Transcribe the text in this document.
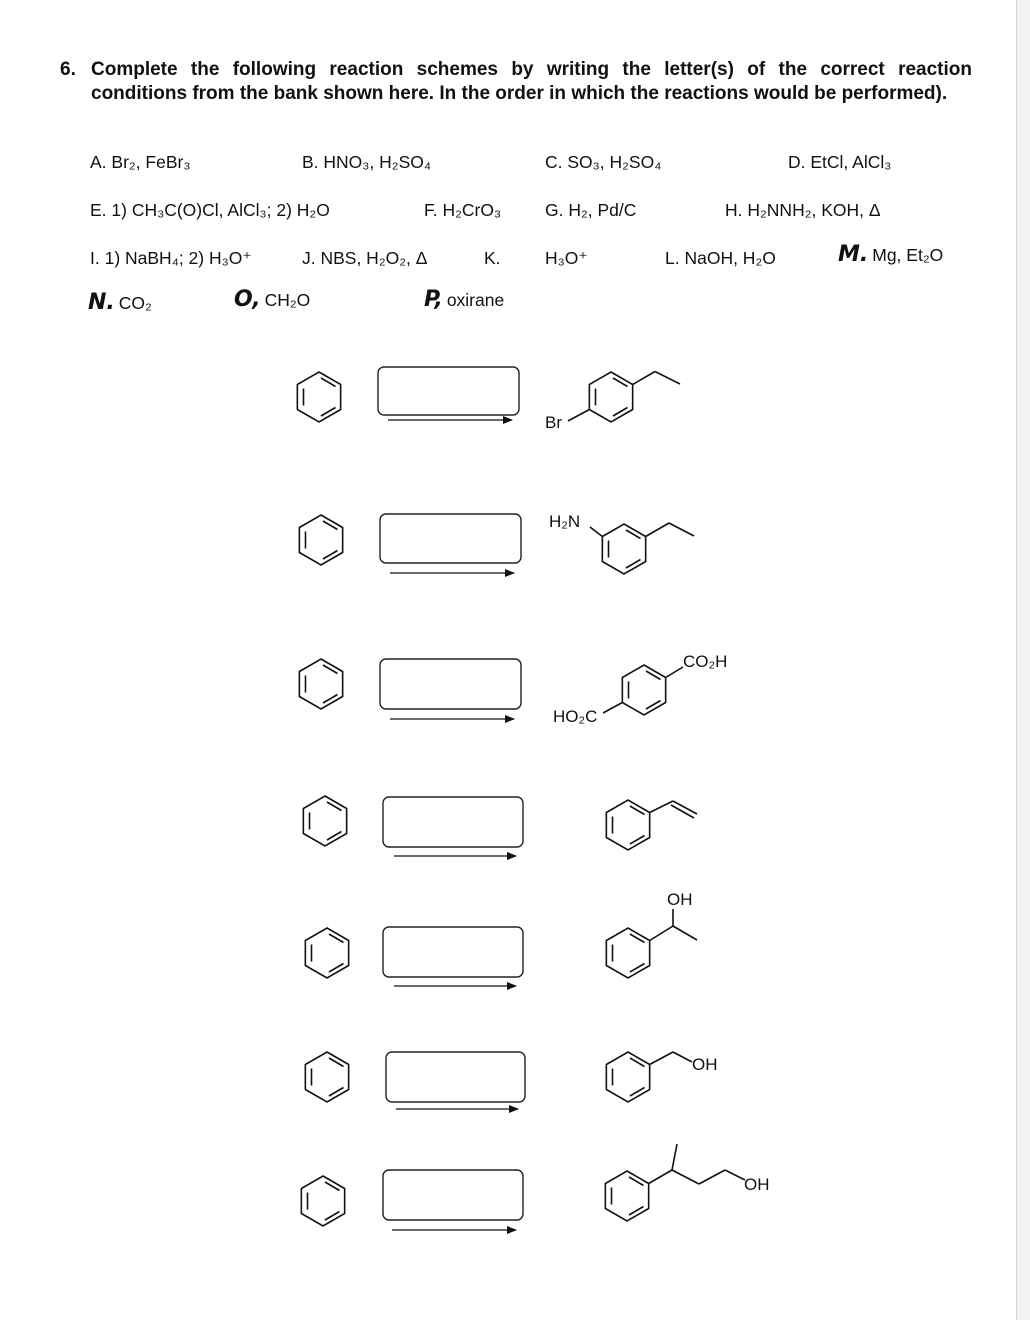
6. Complete the following reaction schemes by writing the letter(s) of the correct reaction conditions from the bank shown here. In the order in which the reactions would be performed).
A. Br₂, FeBr₃	B. HNO₃, H₂SO₄	C. SO₃, H₂SO₄	D. EtCl, AlCl₃
E. 1) CH₃C(O)Cl, AlCl₃; 2) H₂O	F. H₂CrO₃	G. H₂, Pd/C	H. H₂NNH₂, KOH, Δ
I. 1) NaBH₄; 2) H₃O⁺	J. NBS, H₂O₂, Δ	K.	H₃O⁺	L. NaOH, H₂O	M. Mg, Et₂O
N. CO₂	O, CH₂O	P, oxirane
Br
H₂N
CO₂H
HO₂C
OH
OH
OH
